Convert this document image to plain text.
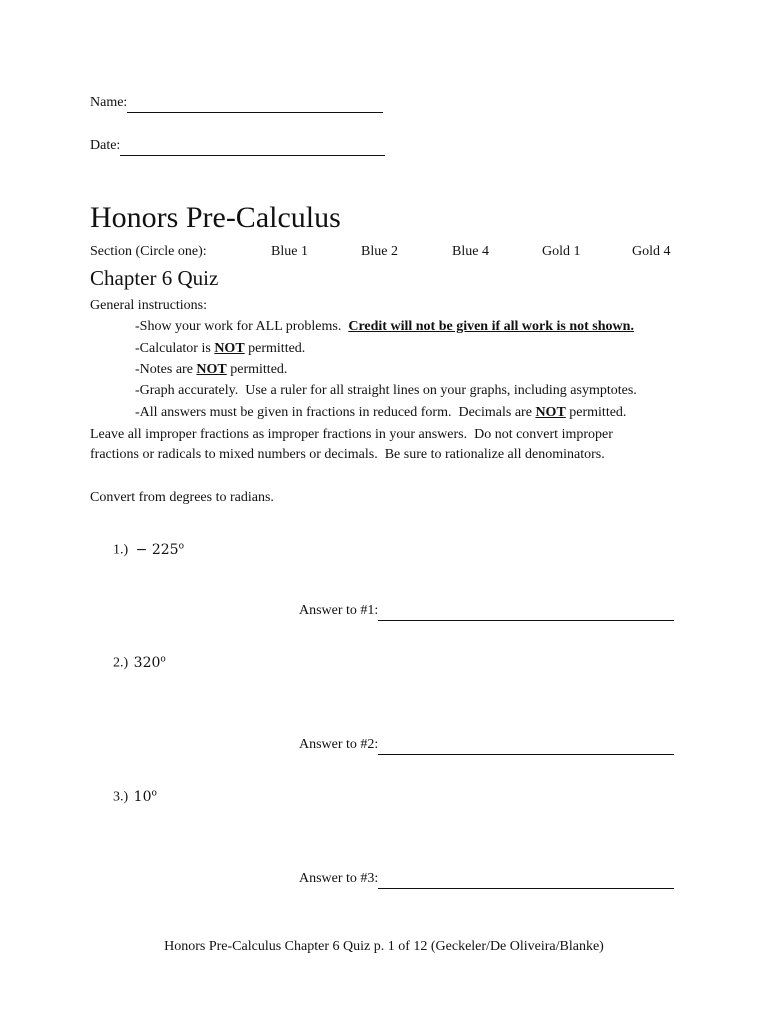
Name:
Date:
Honors Pre-Calculus
Section (Circle one):	Blue 1	Blue 2	Blue 4	Gold 1	Gold 4
Chapter 6 Quiz
General instructions:
-Show your work for ALL problems.  Credit will not be given if all work is not shown.
-Calculator is NOT permitted.
-Notes are NOT permitted.
-Graph accurately.  Use a ruler for all straight lines on your graphs, including asymptotes.
-All answers must be given in fractions in reduced form.  Decimals are NOT permitted.
Leave all improper fractions as improper fractions in your answers.  Do not convert improper
fractions or radicals to mixed numbers or decimals.  Be sure to rationalize all denominators.
Convert from degrees to radians.
$1.) - 225^o$
Answer to #1:
2.) 320$^o$
Answer to #2:
3.) 10$^o$
Answer to #3:
Honors Pre-Calculus Chapter 6 Quiz p. 1 of 12 (Geckeler/De Oliveira/Blanke)
